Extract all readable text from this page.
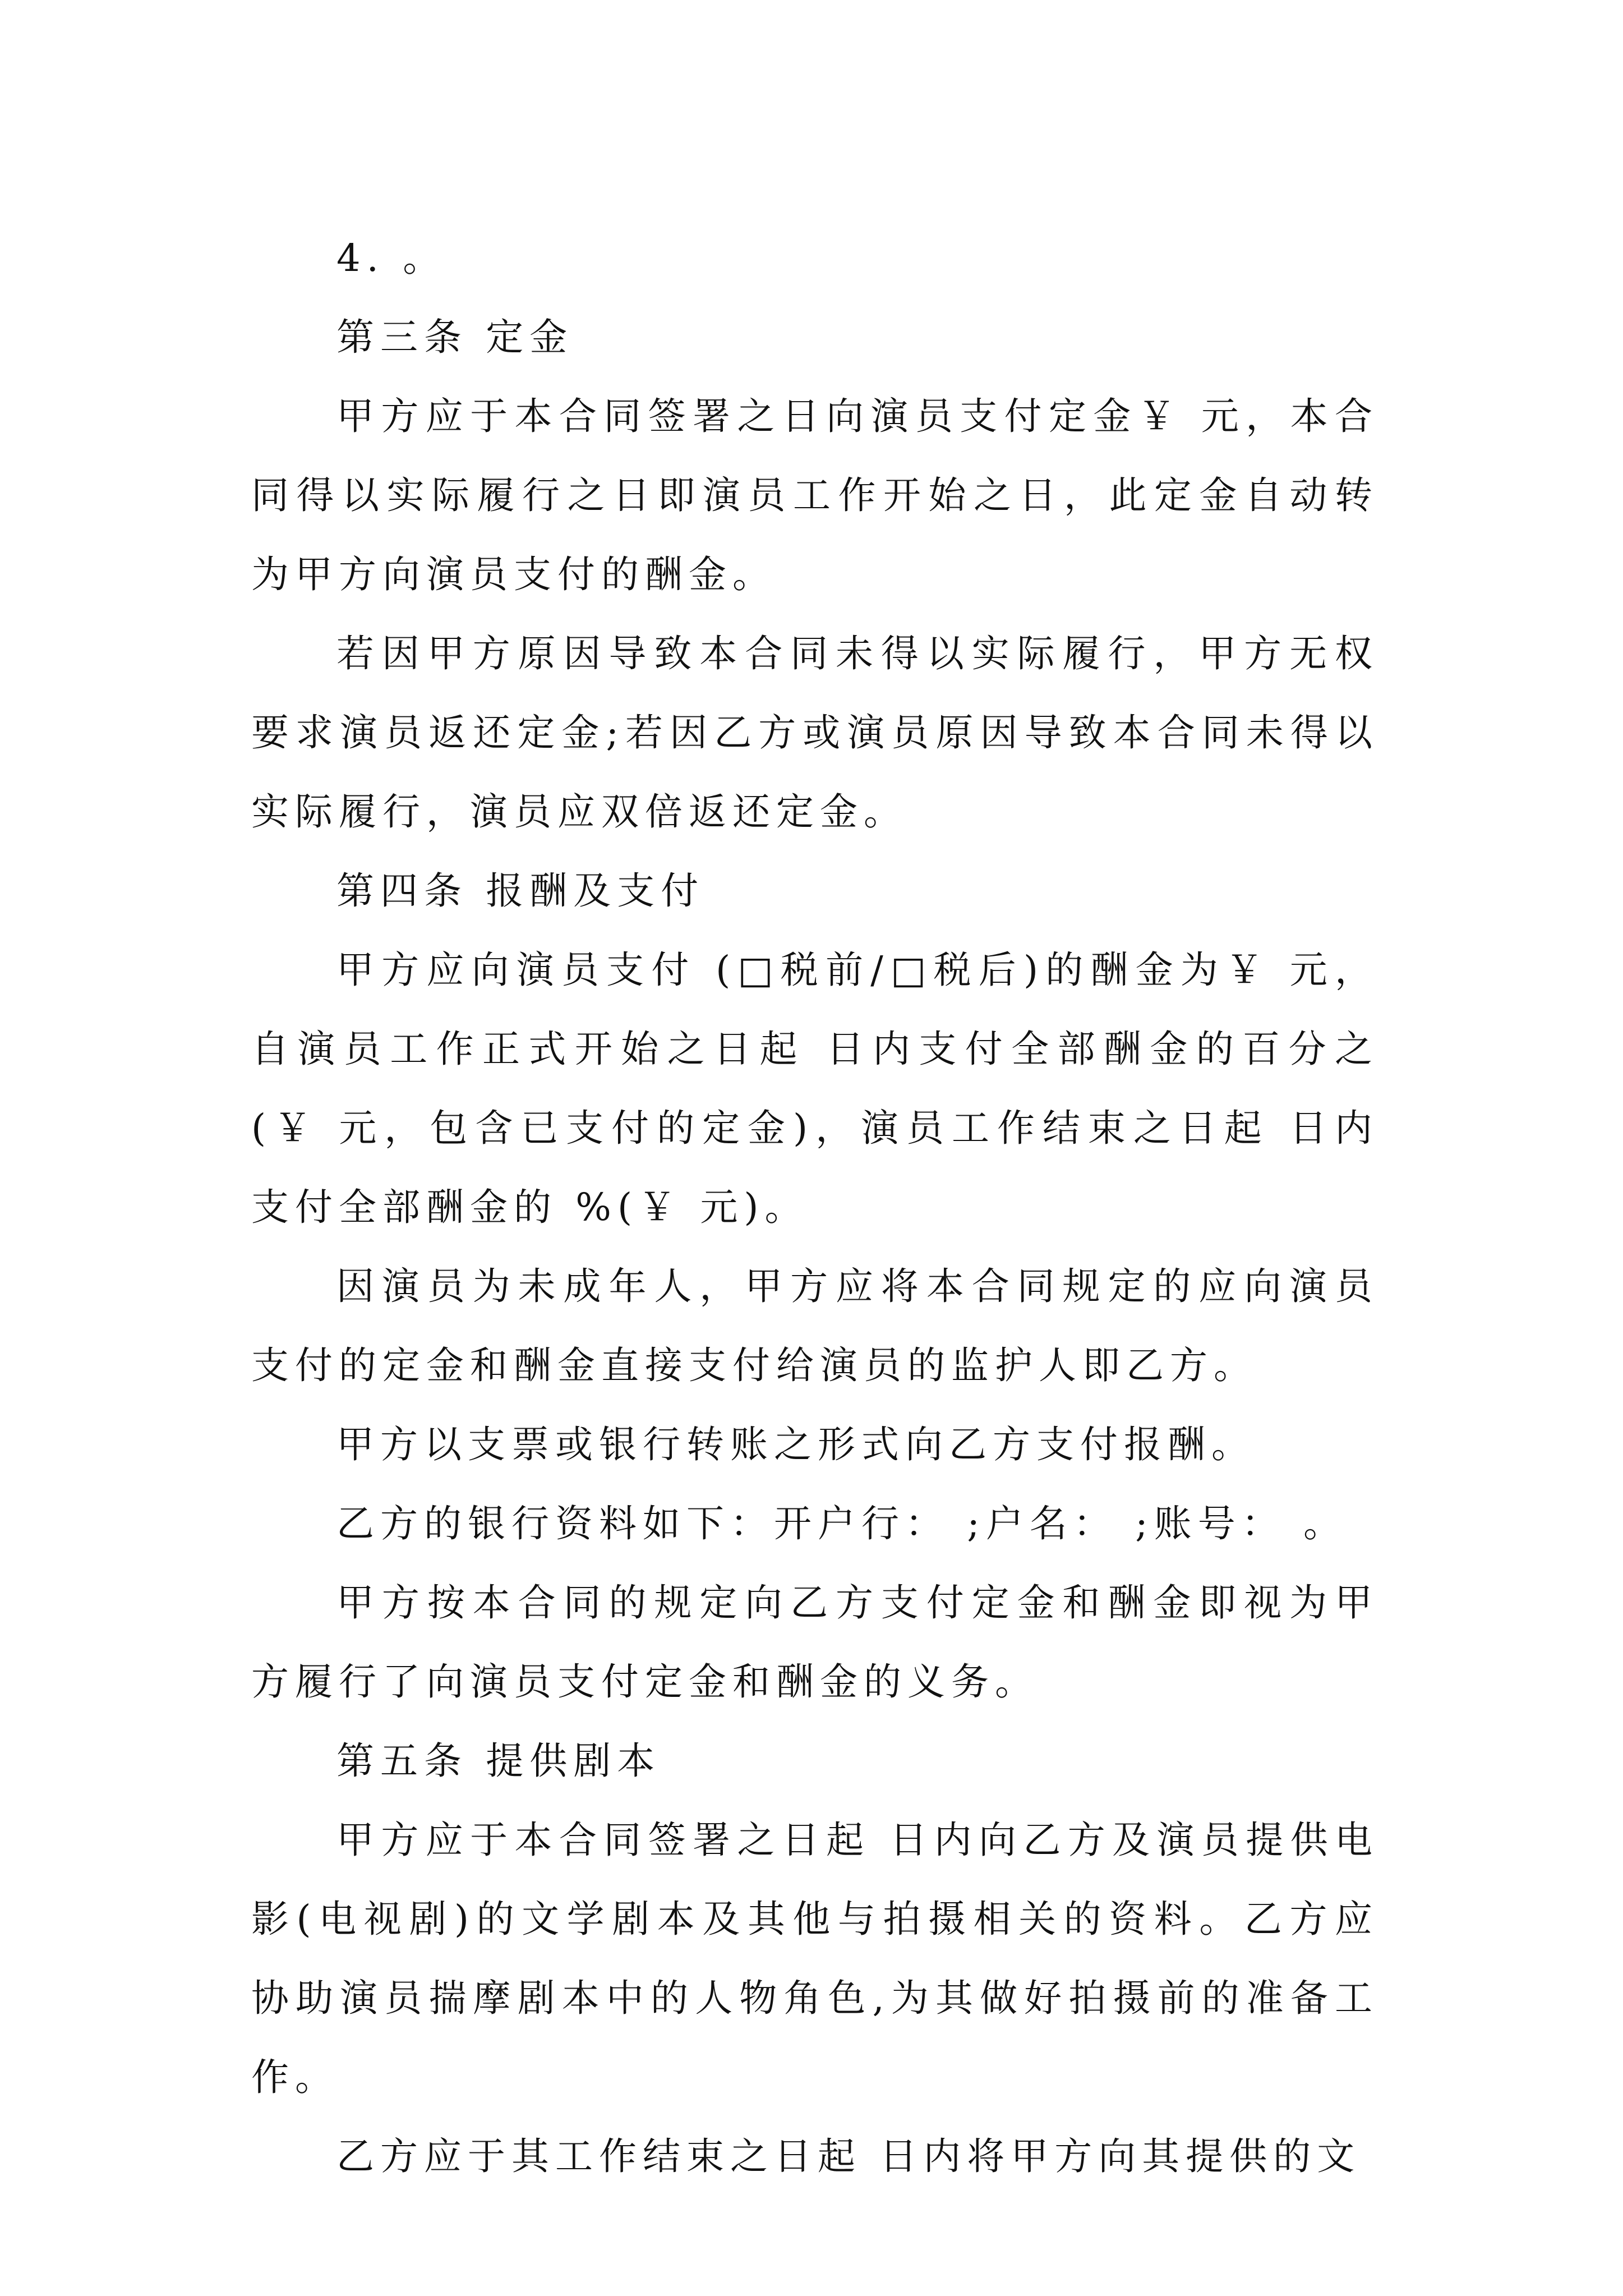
4. 。

第三条 定金

甲方应于本合同签署之日向演员支付定金￥ 元，本合同得以实际履行之日即演员工作开始之日，此定金自动转为甲方向演员支付的酬金。

若因甲方原因导致本合同未得以实际履行，甲方无权要求演员返还定金;若因乙方或演员原因导致本合同未得以实际履行，演员应双倍返还定金。

第四条 报酬及支付

甲方应向演员支付 (□税前/□税后)的酬金为￥ 元，自演员工作正式开始之日起 日内支付全部酬金的百分之(￥ 元，包含已支付的定金)，演员工作结束之日起 日内支付全部酬金的 %(￥ 元)。

因演员为未成年人，甲方应将本合同规定的应向演员支付的定金和酬金直接支付给演员的监护人即乙方。

甲方以支票或银行转账之形式向乙方支付报酬。

乙方的银行资料如下：开户行： ;户名： ;账号： 。

甲方按本合同的规定向乙方支付定金和酬金即视为甲方履行了向演员支付定金和酬金的义务。

第五条 提供剧本

甲方应于本合同签署之日起 日内向乙方及演员提供电影(电视剧)的文学剧本及其他与拍摄相关的资料。乙方应协助演员揣摩剧本中的人物角色,为其做好拍摄前的准备工作。

乙方应于其工作结束之日起 日内将甲方向其提供的文
